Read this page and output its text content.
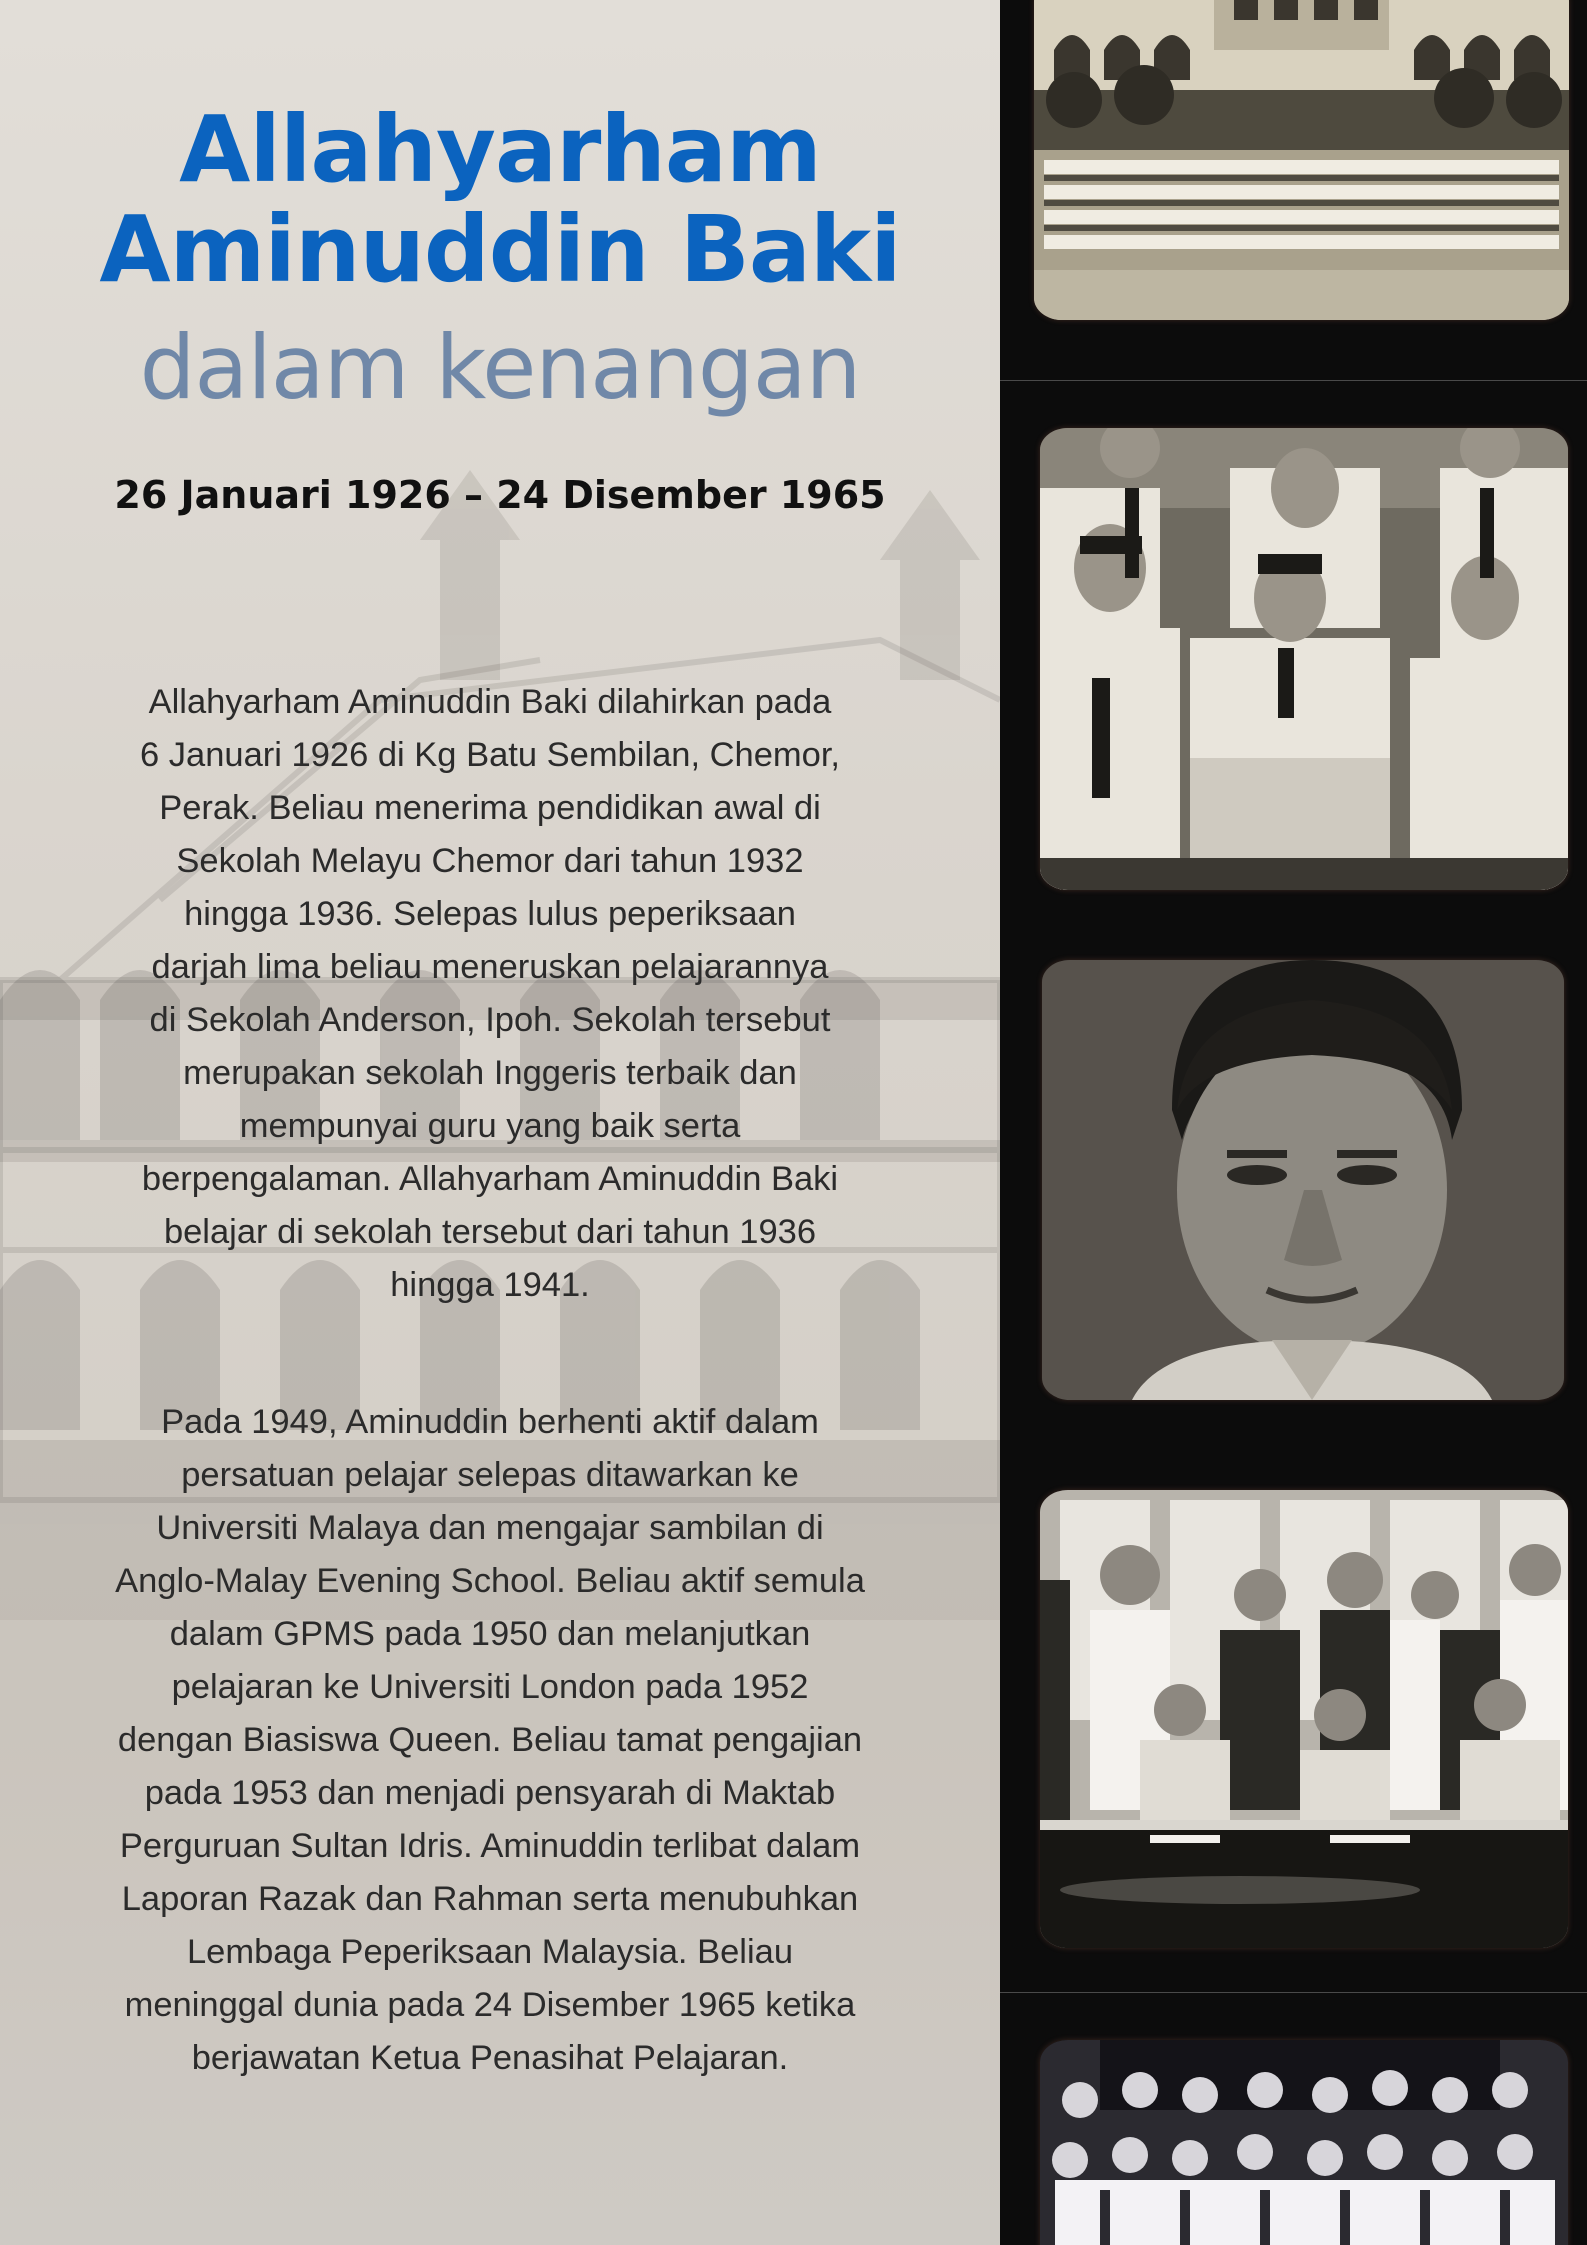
Allahyarham
Aminuddin Baki
dalam kenangan

26 Januari 1926 – 24 Disember 1965

Allahyarham Aminuddin Baki dilahirkan pada 6 Januari 1926 di Kg Batu Sembilan, Chemor, Perak. Beliau menerima pendidikan awal di Sekolah Melayu Chemor dari tahun 1932 hingga 1936. Selepas lulus peperiksaan darjah lima beliau meneruskan pelajarannya di Sekolah Anderson, Ipoh. Sekolah tersebut merupakan sekolah Inggeris terbaik dan mempunyai guru yang baik serta berpengalaman. Allahyarham Aminuddin Baki belajar di sekolah tersebut dari tahun 1936 hingga 1941.

Pada 1949, Aminuddin berhenti aktif dalam persatuan pelajar selepas ditawarkan ke Universiti Malaya dan mengajar sambilan di Anglo-Malay Evening School. Beliau aktif semula dalam GPMS pada 1950 dan melanjutkan pelajaran ke Universiti London pada 1952 dengan Biasiswa Queen. Beliau tamat pengajian pada 1953 dan menjadi pensyarah di Maktab Perguruan Sultan Idris. Aminuddin terlibat dalam Laporan Razak dan Rahman serta menubuhkan Lembaga Peperiksaan Malaysia. Beliau meninggal dunia pada 24 Disember 1965 ketika berjawatan Ketua Penasihat Pelajaran.
